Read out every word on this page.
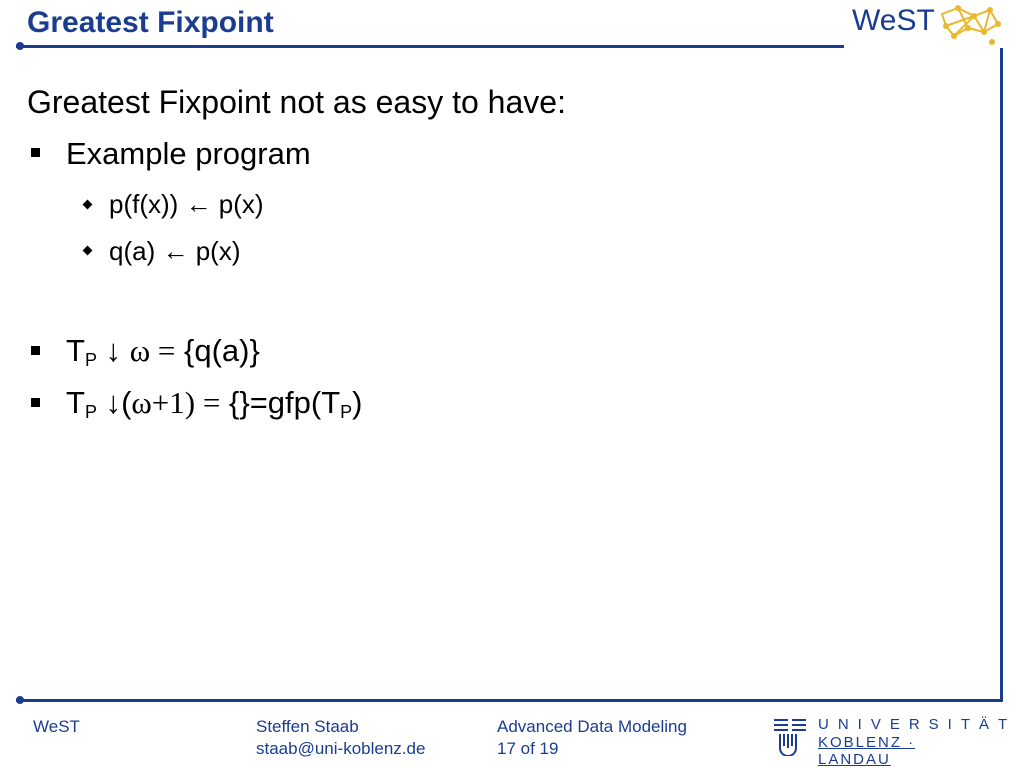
Greatest Fixpoint	WeST
Greatest Fixpoint not as easy to have:
Example program
p(f(x)) ← p(x)
q(a) ← p(x)
$T_P$ ↓ ω = {q(a)}
$T_P$ ↓(ω+1) = $\{\}=gfp(T_P)$
WeST	Steffen Staab
staab@uni-koblenz.de
Advanced Data Modeling
17 of 19
UNIVERSITÄT
KOBLENZ · LANDAU
